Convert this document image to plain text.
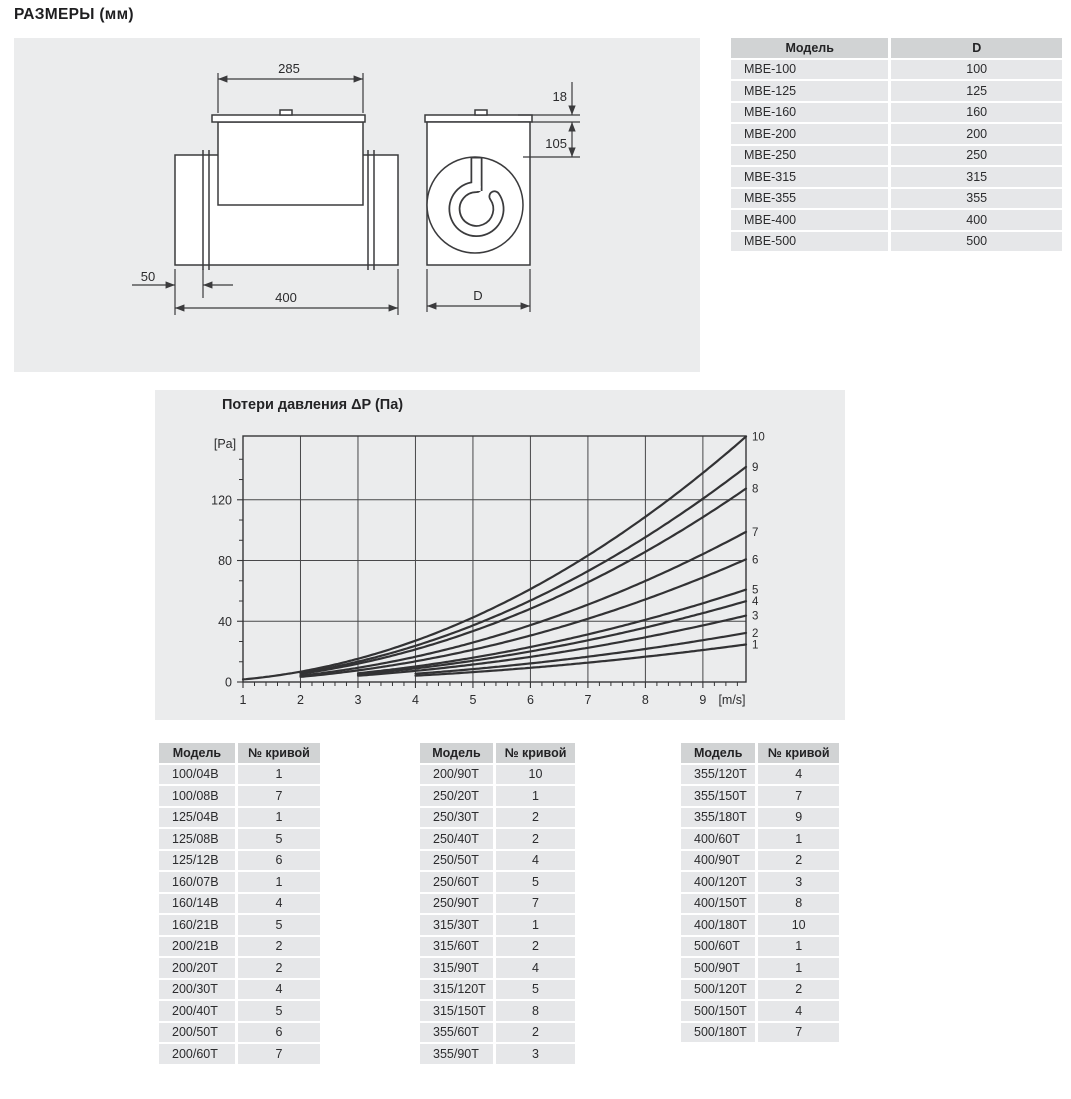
РАЗМЕРЫ (мм)
285
400
50
18
105
D
Модель	D
МВЕ-100	100
МВЕ-125	125
МВЕ-160	160
МВЕ-200	200
МВЕ-250	250
МВЕ-315	315
МВЕ-355	355
МВЕ-400	400
МВЕ-500	500
Потери давления ΔP (Па)
0
40
80
120
1	2	3	4	5	6	7	8	9
[Pa]
[m/s]
1
2
3
4
5
6
7
8
9
10
Модель	№ кривой
100/04В	1
100/08В	7
125/04В	1
125/08В	5
125/12В	6
160/07В	1
160/14В	4
160/21В	5
200/21В	2
200/20Т	2
200/30Т	4
200/40Т	5
200/50Т	6
200/60Т	7
Модель	№ кривой
200/90Т	10
250/20Т	1
250/30Т	2
250/40Т	2
250/50Т	4
250/60Т	5
250/90Т	7
315/30Т	1
315/60Т	2
315/90Т	4
315/120Т	5
315/150Т	8
355/60Т	2
355/90Т	3
Модель	№ кривой
355/120Т	4
355/150Т	7
355/180Т	9
400/60Т	1
400/90Т	2
400/120Т	3
400/150Т	8
400/180Т	10
500/60Т	1
500/90Т	1
500/120Т	2
500/150Т	4
500/180Т	7
